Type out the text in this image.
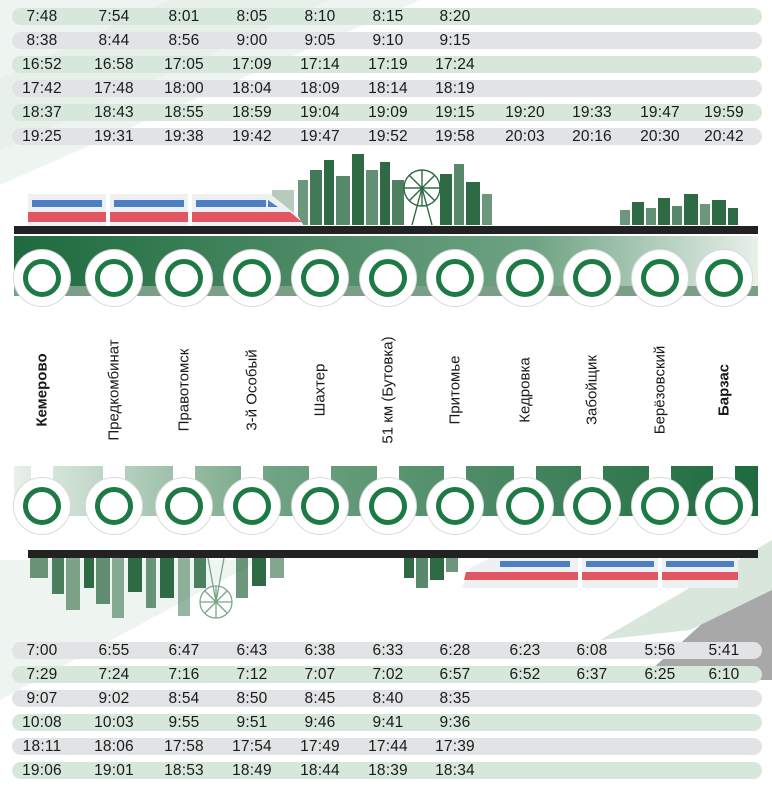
7:48	7:54	8:01	8:05	8:10	8:15	8:20
8:38	8:44	8:56	9:00	9:05	9:10	9:15
16:52	16:58	17:05	17:09	17:14	17:19	17:24
17:42	17:48	18:00	18:04	18:09	18:14	18:19
18:37	18:43	18:55	18:59	19:04	19:09	19:15	19:20	19:33	19:47	19:59
19:25	19:31	19:38	19:42	19:47	19:52	19:58	20:03	20:16	20:30	20:42
Кемерово	Предкомбинат	Правотомск	3-й Особый	Шахтер	51 км (Бутовка)	Притомье	Кедровка	Забойщик	Берёзовский	Барзас
7:00	6:55	6:47	6:43	6:38	6:33	6:28	6:23	6:08	5:56	5:41
7:29	7:24	7:16	7:12	7:07	7:02	6:57	6:52	6:37	6:25	6:10
9:07	9:02	8:54	8:50	8:45	8:40	8:35
10:08	10:03	9:55	9:51	9:46	9:41	9:36
18:11	18:06	17:58	17:54	17:49	17:44	17:39
19:06	19:01	18:53	18:49	18:44	18:39	18:34
